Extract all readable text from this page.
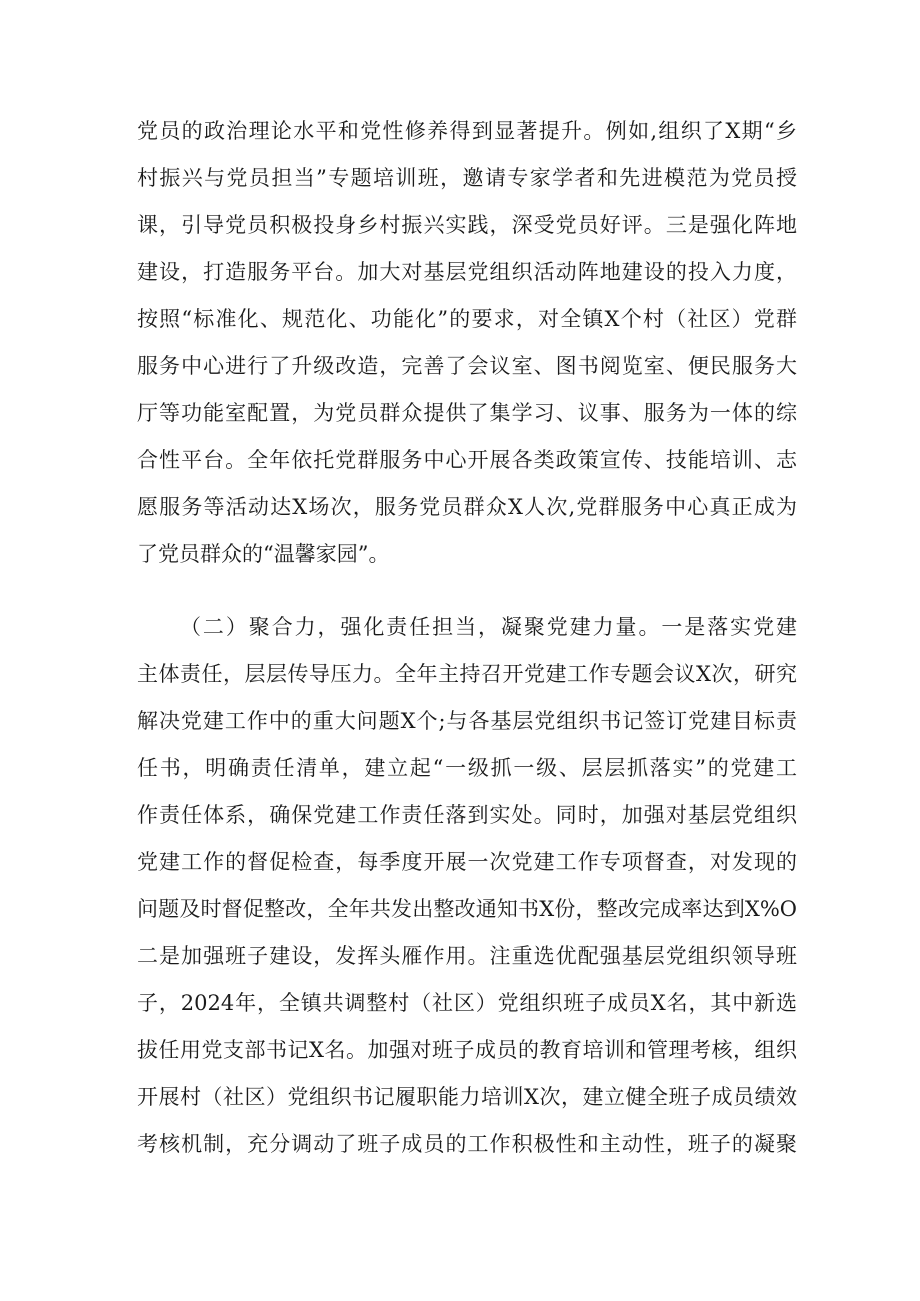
党员的政治理论水平和党性修养得到显著提升。例如,组织了X期“乡
村振兴与党员担当”专题培训班，邀请专家学者和先进模范为党员授
课，引导党员积极投身乡村振兴实践，深受党员好评。三是强化阵地
建设，打造服务平台。加大对基层党组织活动阵地建设的投入力度，
按照“标准化、规范化、功能化”的要求，对全镇X个村（社区）党群
服务中心进行了升级改造，完善了会议室、图书阅览室、便民服务大
厅等功能室配置，为党员群众提供了集学习、议事、服务为一体的综
合性平台。全年依托党群服务中心开展各类政策宣传、技能培训、志
愿服务等活动达X场次，服务党员群众X人次,党群服务中心真正成为
了党员群众的“温馨家园”。
（二）聚合力，强化责任担当，凝聚党建力量。一是落实党建
主体责任，层层传导压力。全年主持召开党建工作专题会议X次，研究
解决党建工作中的重大问题X个;与各基层党组织书记签订党建目标责
任书，明确责任清单，建立起“一级抓一级、层层抓落实”的党建工
作责任体系，确保党建工作责任落到实处。同时，加强对基层党组织
党建工作的督促检查，每季度开展一次党建工作专项督查，对发现的
问题及时督促整改，全年共发出整改通知书X份，整改完成率达到X%O
二是加强班子建设，发挥头雁作用。注重选优配强基层党组织领导班
子，2024年，全镇共调整村（社区）党组织班子成员X名，其中新选
拔任用党支部书记X名。加强对班子成员的教育培训和管理考核，组织
开展村（社区）党组织书记履职能力培训X次，建立健全班子成员绩效
考核机制，充分调动了班子成员的工作积极性和主动性，班子的凝聚
